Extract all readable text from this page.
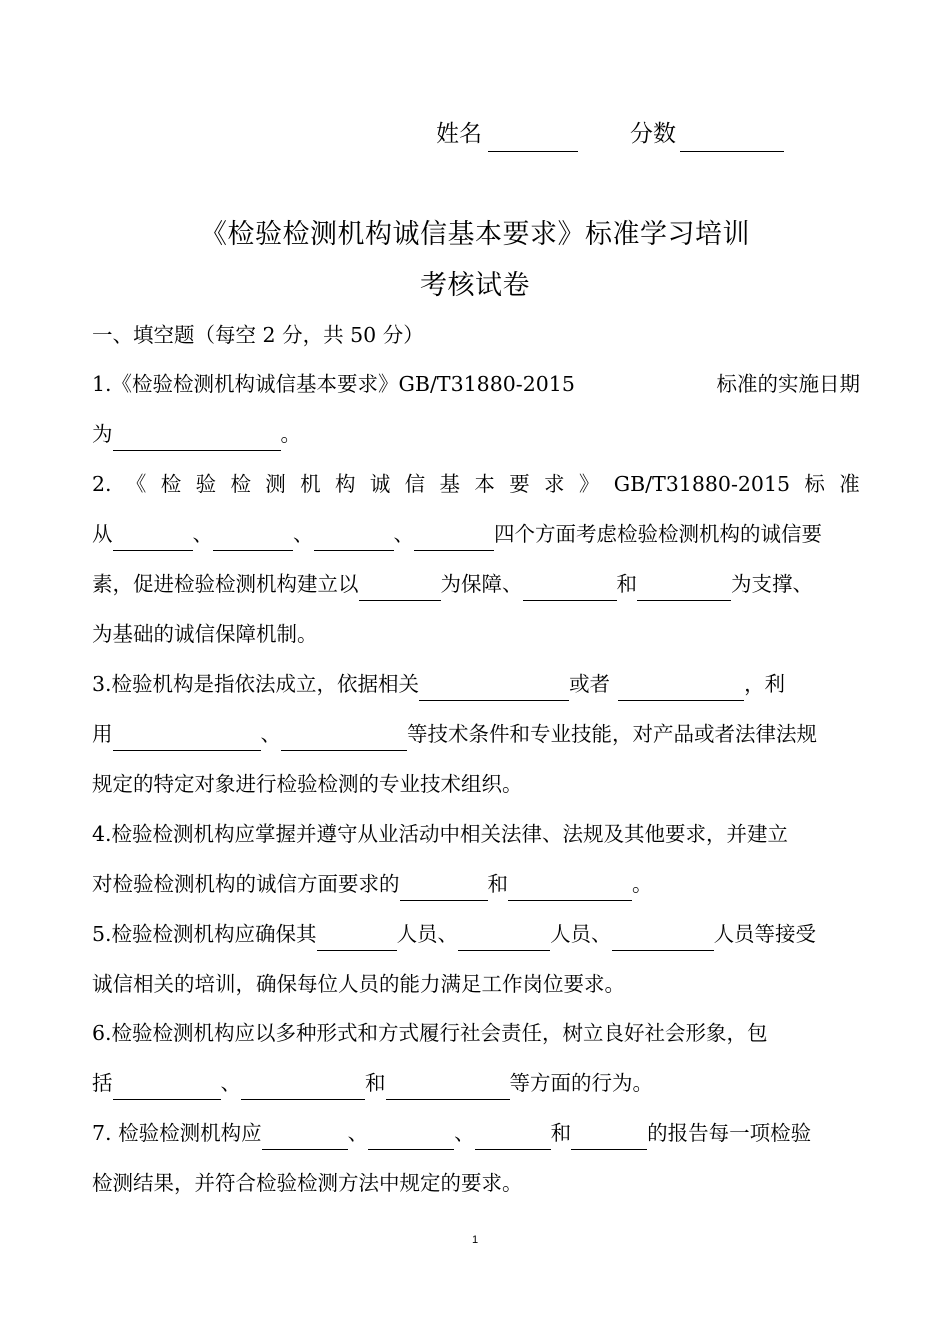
姓名	分数
《检验检测机构诚信基本要求》标准学习培训
考核试卷
一、填空题（每空 2 分，共 50 分）
1.《检验检测机构诚信基本要求》GB/T31880-2015	标准的实施日期
为	。
2. 《 检 验 检 测 机 构 诚 信 基 本 要 求 》 GB/T31880-2015 标 准
从	、	、	、	四个方面考虑检验检测机构的诚信要
素，促进检验检测机构建立以	为保障、	和	为支撑、
为基础的诚信保障机制。
3.检验机构是指依法成立，依据相关	或者	，利
用	、	等技术条件和专业技能，对产品或者法律法规
规定的特定对象进行检验检测的专业技术组织。
4.检验检测机构应掌握并遵守从业活动中相关法律、法规及其他要求，并建立
对检验检测机构的诚信方面要求的	和	。
5.检验检测机构应确保其	人员、	人员、	人员等接受
诚信相关的培训，确保每位人员的能力满足工作岗位要求。
6.检验检测机构应以多种形式和方式履行社会责任，树立良好社会形象，包
括	、	和	等方面的行为。
7. 检验检测机构应	、	、	和	的报告每一项检验
检测结果，并符合检验检测方法中规定的要求。
1
